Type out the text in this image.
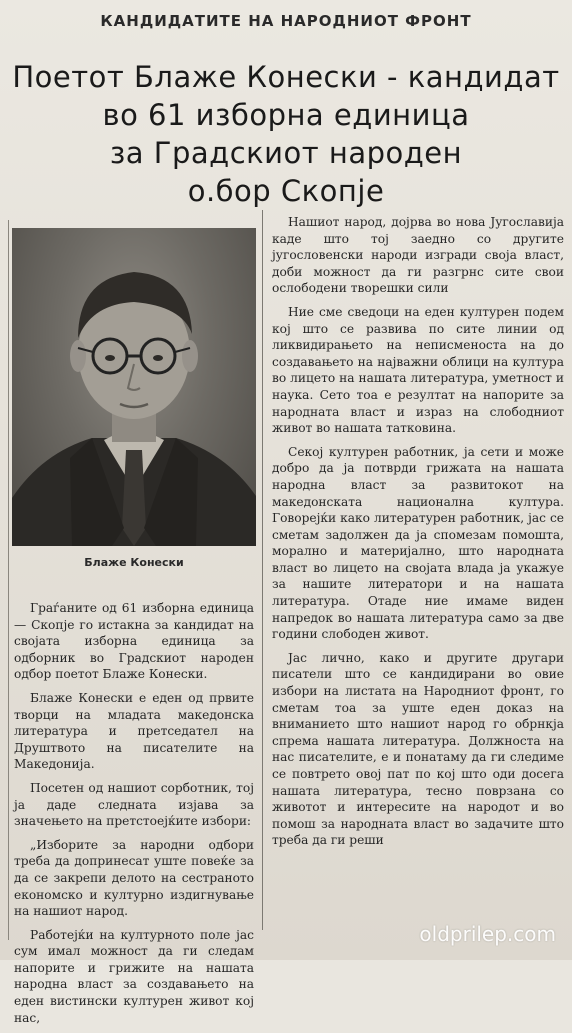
КАНДИДАТИТЕ НА НАРОДНИОТ ФРОНТ
Поетот Блаже Конески - кандидат
во 61 изборна единица
за Градскиот народен
о.бор Скопје
Блаже Конески

Нашиот народ, дојрва во нова Југославија каде што тој заедно со другите југословенски народи изгради своја власт, доби можност да ги разгрнс сите свои ослободени творешки сили

Ние сме сведоци на еден културен подем кој што се развива по сите линии од ликвидирањето на неписменоста на до создавањето на најважни облици на култура во лицето на нашата литература, уметност и наука. Сето тоа е резултат на напорите за народната власт и израз на слободниот живот во нашата татковина.

Секој културен работник, ја сети и може добро да ја потврди грижата на нашата народна власт за развитокот на македонската национална култура. Говорејќи како литературен работник, јас се сметам задолжен да ја спомезам помошта, морално и материјално, што народната власт во лицето на својата влада ја укажуе за нашите литератори и на нашата литература. Отаде ние имаме виден напредок во нашата литература само за две години слободен живот.

Јас лично, како и другите другари писатели што се кандидирани во овие избори на листата на Народниот фронт, го сметам тоа за уште еден доказ на вниманието што нашиот народ го обрнкја спрема нашата литература. Должноста на нас писателите, е и понатаму да ги следиме се повтрето овој пат по кој што оди досега нашата литература, тесно поврзана со животот и интересите на народот и во помош за народната власт во задачите што треба да ги реши

Граѓаните од 61 изборна единица — Скопје го истакна за кандидат на својата изборна единица за одборник во Градскиот народен одбор поетот Блаже Конески.

Блаже Конески е еден од првите творци на младата македонска литература и претседател на Друштвото на писателите на Македонија.

Посетен од нашиот сорботник, тој ја даде следната изјава за значењето на претстоејќите избори:

„Изборите за народни одбори треба да допринесат уште повеќе за да се закрепи делото на сестраното економско и културно издигнување на нашиот народ.

Работејќи на културното поле јас сум имал можност да ги следам напорите и грижите на нашата народна власт за создавањето на еден вистински културен живот кој нас,

oldprilep.com
